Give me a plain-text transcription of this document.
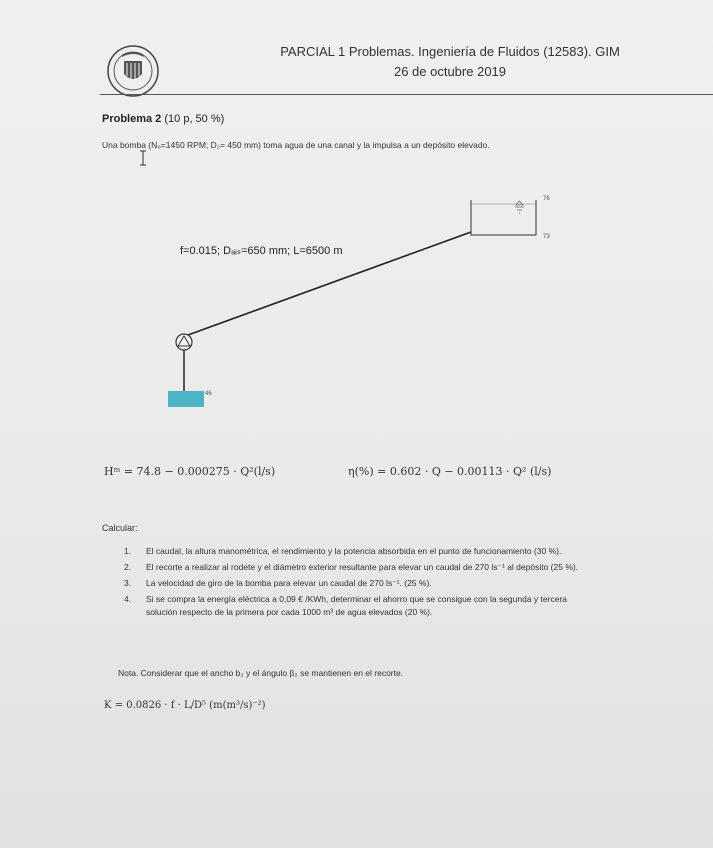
PARCIAL 1 Problemas. Ingeniería de Fluidos (12583). GIM
26 de octubre 2019
Problema 2 (10 p, 50 %)
Una bomba (N₀=1450 RPM; D₂= 450 mm) toma agua de una canal y la impulsa a un depósito elevado.
76
73
46
f=0.015; Dₐᵢₛ=650 mm; L=6500 m
Hᵐ = 74.8 − 0.000275 · Q²(l/s)	η(%) = 0.602 · Q − 0.00113 · Q² (l/s)
Calcular:
1. El caudal, la altura manométrica, el rendimiento y la potencia absorbida en el punto de funcionamiento (30 %).
2. El recorte a realizar al rodete y el diámetro exterior resultante para elevar un caudal de 270 ls⁻¹ al depósito (25 %).
3. La velocidad de giro de la bomba para elevar un caudal de 270 ls⁻¹. (25 %).
4. Si se compra la energía eléctrica a 0,09 € /KWh, determinar el ahorro que se consigue con la segunda y tercera solución respecto de la primera por cada 1000 m³ de agua elevados (20 %).
Nota. Considerar que el ancho b₂ y el ángulo β₂ se mantienen en el recorte.
K = 0.0826 · f · L/D⁵ (m(m³/s)⁻²)
